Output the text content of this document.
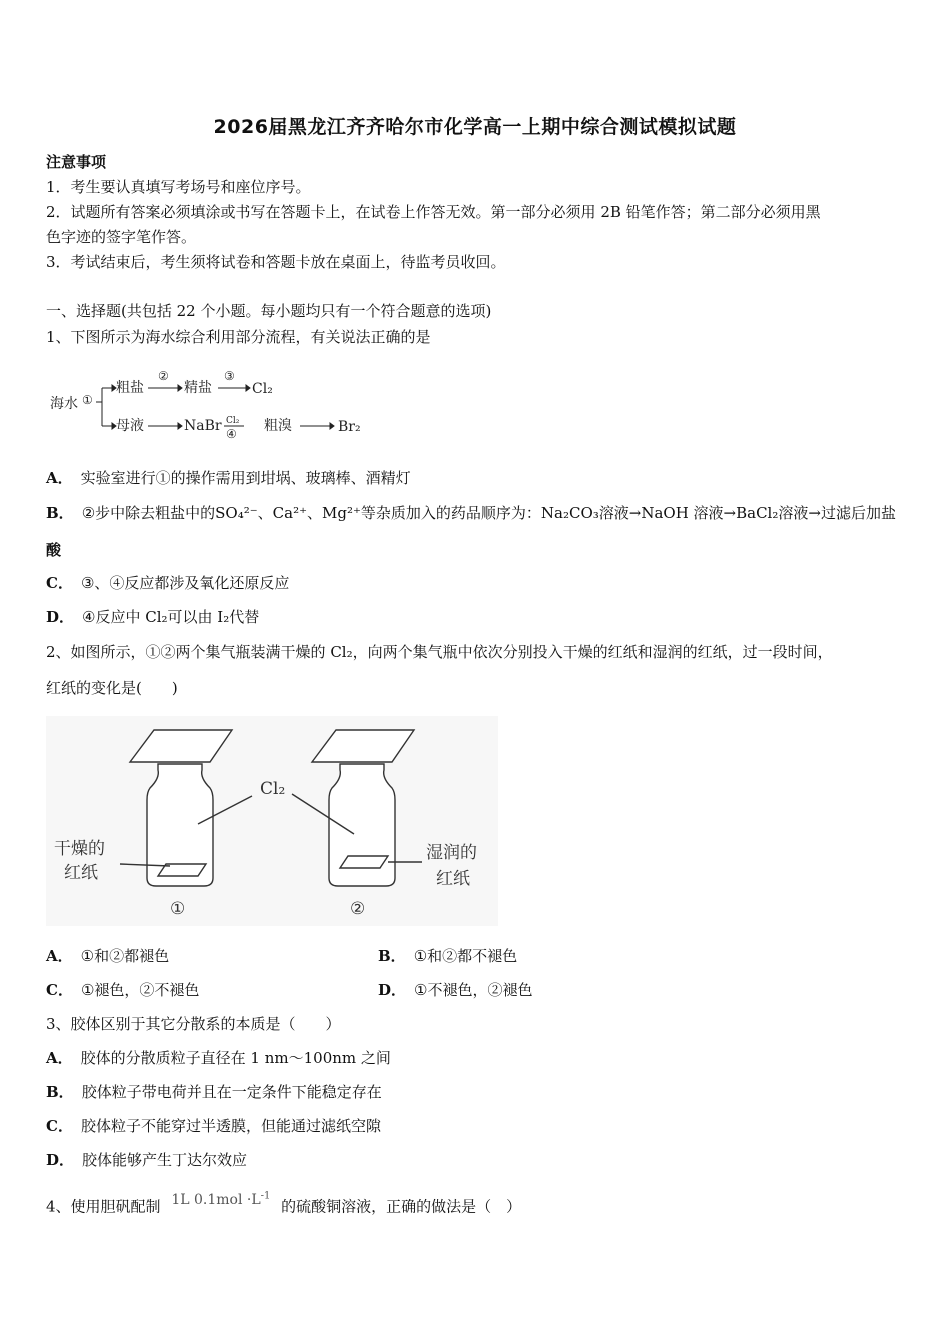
2026届黑龙江齐齐哈尔市化学高一上期中综合测试模拟试题
注意事项
1．考生要认真填写考场号和座位序号。
2．试题所有答案必须填涂或书写在答题卡上，在试卷上作答无效。第一部分必须用 2B 铅笔作答；第二部分必须用黑
色字迹的签字笔作答。
3．考试结束后，考生须将试卷和答题卡放在桌面上，待监考员收回。
一、选择题(共包括 22 个小题。每小题均只有一个符合题意的选项)
1、下图所示为海水综合利用部分流程，有关说法正确的是
海水 ①
粗盐
②
精盐
③
Cl₂
母液	NaBr Cl₂
④ 粗溴	Br₂
A． 实验室进行①的操作需用到坩埚、玻璃棒、酒精灯
B． ②步中除去粗盐中的SO₄²⁻、Ca²⁺、Mg²⁺等杂质加入的药品顺序为：Na₂CO₃溶液→NaOH 溶液→BaCl₂溶液→过滤后加盐
酸
C． ③、④反应都涉及氧化还原反应
D． ④反应中 Cl₂可以由 I₂代替
2、如图所示，①②两个集气瓶装满干燥的 Cl₂，向两个集气瓶中依次分别投入干燥的红纸和湿润的红纸，过一段时间，
红纸的变化是(　　)
Cl₂
干燥的
红纸
湿润的
红纸
①	②
A． ①和②都褪色	B． ①和②都不褪色
C． ①褪色，②不褪色	D． ①不褪色，②褪色
3、胶体区别于其它分散系的本质是（　　）
A． 胶体的分散质粒子直径在 1 nm～100nm 之间
B． 胶体粒子带电荷并且在一定条件下能稳定存在
C． 胶体粒子不能穿过半透膜，但能通过滤纸空隙
D． 胶体能够产生丁达尔效应
4、使用胆矾配制 1L $0.1mol \cdot L^{-1}$ 的硫酸铜溶液，正确的做法是（　）
